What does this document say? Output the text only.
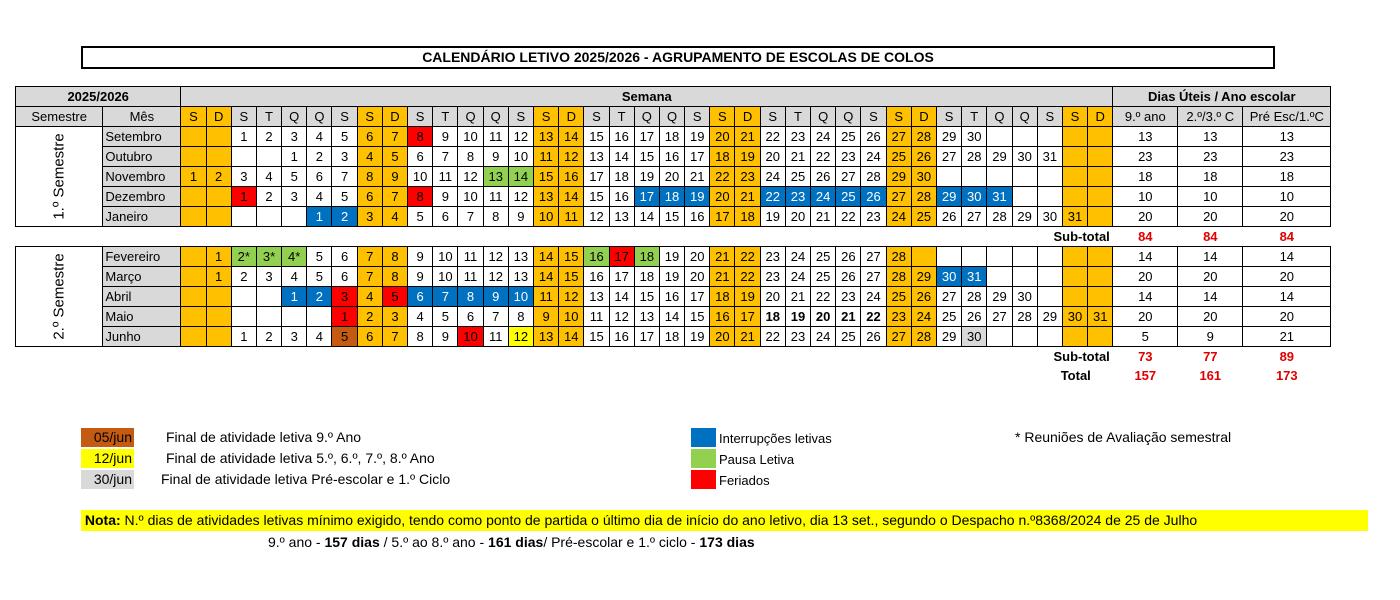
CALENDÁRIO LETIVO 2025/2026 - AGRUPAMENTO DE ESCOLAS DE COLOS
2025/2026		Semana																																					Dias Úteis / Ano escolar		
Semestre	Mês	S	D	S	T	Q	Q	S	S	D	S	T	Q	Q	S	S	D	S	T	Q	Q	S	S	D	S	T	Q	Q	S	S	D	S	T	Q	Q	S	S	D	9.º ano	2.º/3.º C	Pré Esc/1.ºC
1.º Semestre	Setembro			1	2	3	4	5	6	7	8	9	10	11	12	13	14	15	16	17	18	19	20	21	22	23	24	25	26	27	28	29	30						13	13	13
	Outubro					1	2	3	4	5	6	7	8	9	10	11	12	13	14	15	16	17	18	19	20	21	22	23	24	25	26	27	28	29	30	31			23	23	23
	Novembro	1	2	3	4	5	6	7	8	9	10	11	12	13	14	15	16	17	18	19	20	21	22	23	24	25	26	27	28	29	30								18	18	18
	Dezembro			1	2	3	4	5	6	7	8	9	10	11	12	13	14	15	16	17	18	19	20	21	22	23	24	25	26	27	28	29	30	31					10	10	10
	Janeiro						1	2	3	4	5	6	7	8	9	10	11	12	13	14	15	16	17	18	19	20	21	22	23	24	25	26	27	28	29	30	31		20	20	20
Sub-total																																							84	84	84
2.º Semestre	Fevereiro		1	2*	3*	4*	5	6	7	8	9	10	11	12	13	14	15	16	17	18	19	20	21	22	23	24	25	26	27	28									14	14	14
	Março		1	2	3	4	5	6	7	8	9	10	11	12	13	14	15	16	17	18	19	20	21	22	23	24	25	26	27	28	29	30	31						20	20	20
	Abril					1	2	3	4	5	6	7	8	9	10	11	12	13	14	15	16	17	18	19	20	21	22	23	24	25	26	27	28	29	30				14	14	14
	Maio							1	2	3	4	5	6	7	8	9	10	11	12	13	14	15	16	17	18	19	20	21	22	23	24	25	26	27	28	29	30	31	20	20	20
	Junho			1	2	3	4	5	6	7	8	9	10	11	12	13	14	15	16	17	18	19	20	21	22	23	24	25	26	27	28	29	30						5	9	21
Sub-total																																							73	77	89
Total																																							157	161	173
05/jun Final de atividade letiva 9.º Ano
12/jun Final de atividade letiva 5.º, 6.º, 7.º, 8.º Ano
30/jun Final de atividade letiva Pré-escolar e 1.º Ciclo
Interrupções letivas
Pausa Letiva
Feriados
* Reuniões de Avaliação semestral
Nota: N.º dias de atividades letivas mínimo exigido, tendo como ponto de partida o último dia de início do ano letivo, dia 13 set., segundo o Despacho n.º8368/2024 de 25 de Julho
9.º ano - 157 dias / 5.º ao 8.º ano - 161 dias/ Pré-escolar e 1.º ciclo - 173 dias
